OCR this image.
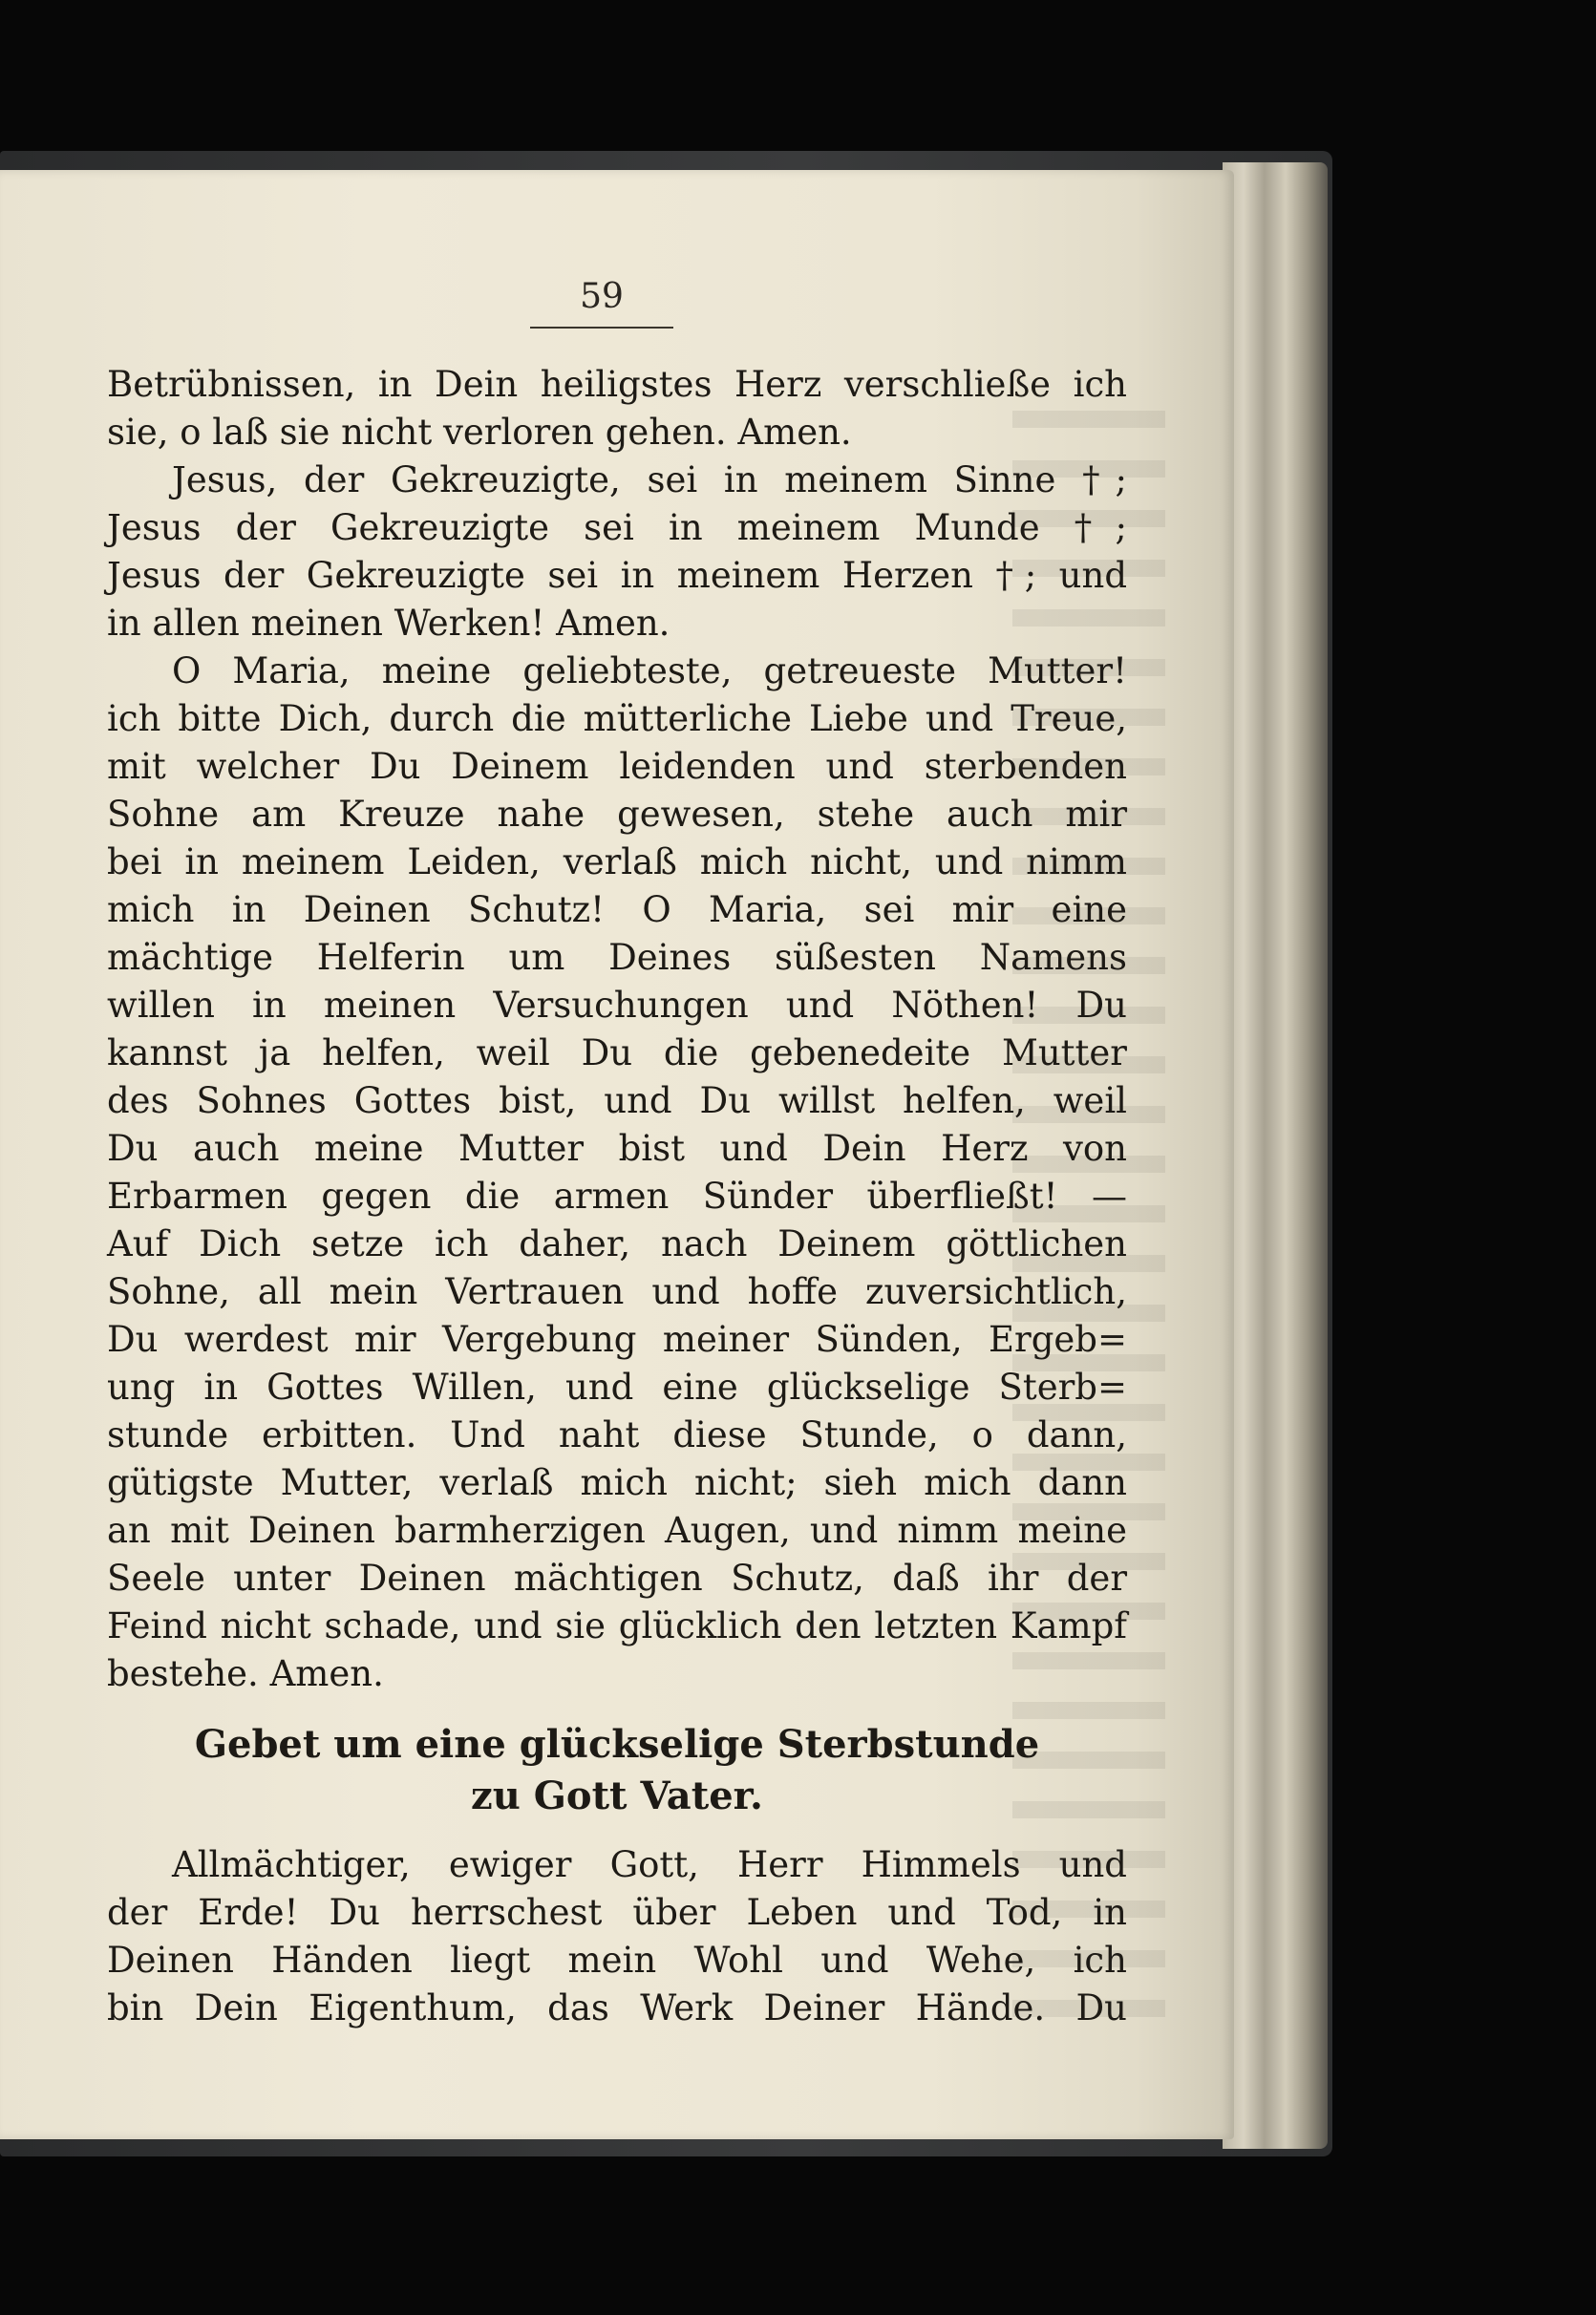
59
Betrübnissen, in Dein heiligstes Herz verschließe ich
sie, o laß sie nicht verloren gehen. Amen.
Jesus, der Gekreuzigte, sei in meinem Sinne †;
Jesus der Gekreuzigte sei in meinem Munde †;
Jesus der Gekreuzigte sei in meinem Herzen †; und
in allen meinen Werken! Amen.
O Maria, meine geliebteste, getreueste Mutter!
ich bitte Dich, durch die mütterliche Liebe und Treue,
mit welcher Du Deinem leidenden und sterbenden
Sohne am Kreuze nahe gewesen, stehe auch mir
bei in meinem Leiden, verlaß mich nicht, und nimm
mich in Deinen Schutz! O Maria, sei mir eine
mächtige Helferin um Deines süßesten Namens
willen in meinen Versuchungen und Nöthen! Du
kannst ja helfen, weil Du die gebenedeite Mutter
des Sohnes Gottes bist, und Du willst helfen, weil
Du auch meine Mutter bist und Dein Herz von
Erbarmen gegen die armen Sünder überfließt! —
Auf Dich setze ich daher, nach Deinem göttlichen
Sohne, all mein Vertrauen und hoffe zuversichtlich,
Du werdest mir Vergebung meiner Sünden, Ergeb=
ung in Gottes Willen, und eine glückselige Sterb=
stunde erbitten. Und naht diese Stunde, o dann,
gütigste Mutter, verlaß mich nicht; sieh mich dann
an mit Deinen barmherzigen Augen, und nimm meine
Seele unter Deinen mächtigen Schutz, daß ihr der
Feind nicht schade, und sie glücklich den letzten Kampf
bestehe. Amen.
Gebet um eine glückselige Sterbstunde
zu Gott Vater.
Allmächtiger, ewiger Gott, Herr Himmels und
der Erde! Du herrschest über Leben und Tod, in
Deinen Händen liegt mein Wohl und Wehe, ich
bin Dein Eigenthum, das Werk Deiner Hände. Du
